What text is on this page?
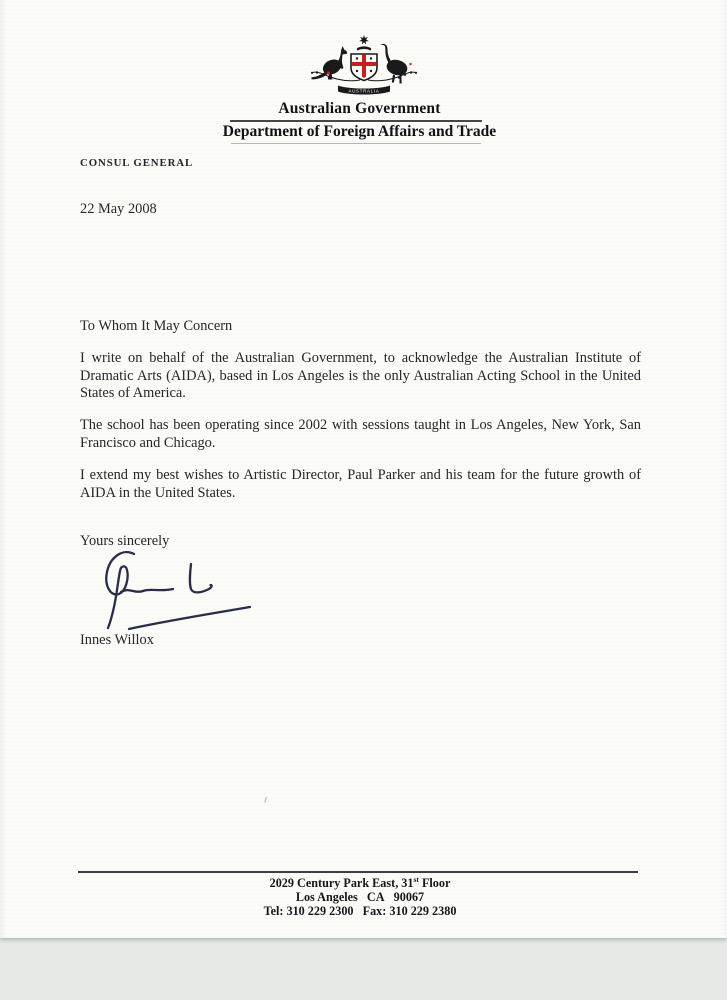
AUSTRALIA
Australian Government
Department of Foreign Affairs and Trade
CONSUL GENERAL
22 May 2008
To Whom It May Concern
I write on behalf of the Australian Government, to acknowledge the Australian Institute of
Dramatic Arts (AIDA), based in Los Angeles is the only Australian Acting School in the United
States of America.
The school has been operating since 2002 with sessions taught in Los Angeles, New York, San
Francisco and Chicago.
I extend my best wishes to Artistic Director, Paul Parker and his team for the future growth of
AIDA in the United States.
Yours sincerely
Innes Willox
2029 Century Park East, 31st Floor
Los Angeles   CA   90067
Tel: 310 229 2300   Fax: 310 229 2380
